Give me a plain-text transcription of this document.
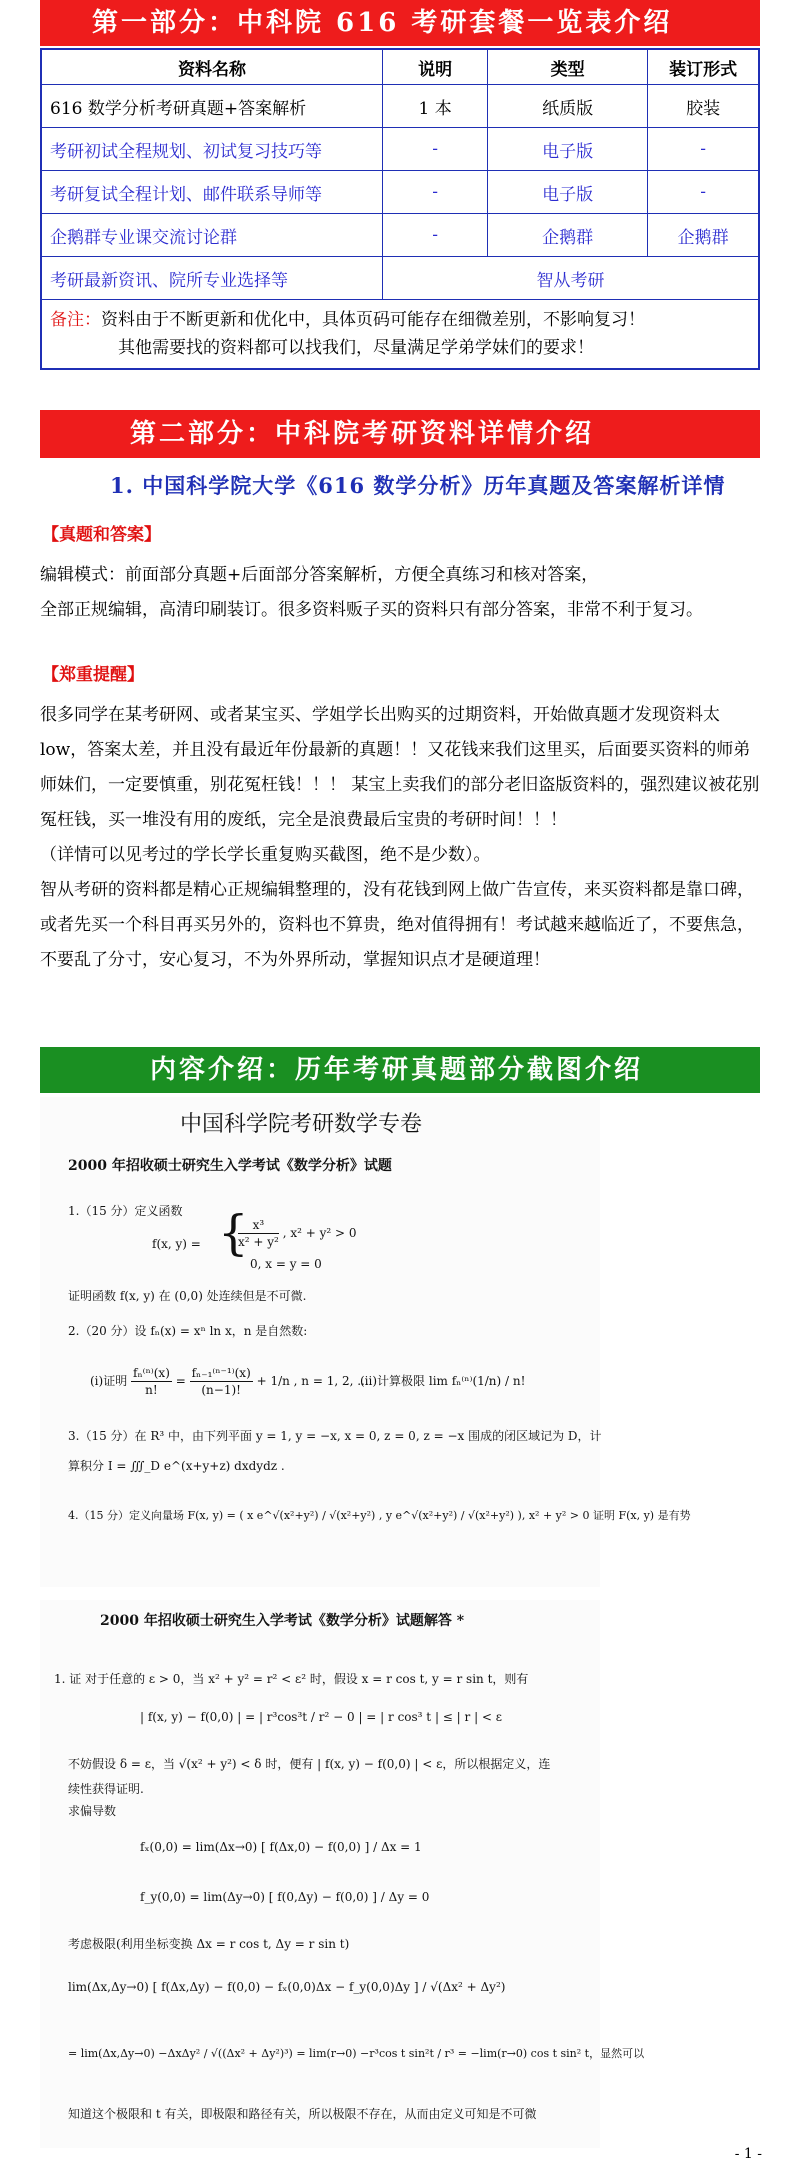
第一部分：中科院 616 考研套餐一览表介绍
资料名称	说明	类型	装订形式
616 数学分析考研真题+答案解析	1 本	纸质版	胶装
考研初试全程规划、初试复习技巧等	-	电子版	-
考研复试全程计划、邮件联系导师等	-	电子版	-
企鹅群专业课交流讨论群	-	企鹅群	企鹅群
考研最新资讯、院所专业选择等	智从考研		
备注：资料由于不断更新和优化中，具体页码可能存在细微差别，不影响复习！
其他需要找的资料都可以找我们，尽量满足学弟学妹们的要求！			
第二部分：中科院考研资料详情介绍
1. 中国科学院大学《616 数学分析》历年真题及答案解析详情
【真题和答案】

编辑模式：前面部分真题+后面部分答案解析，方便全真练习和核对答案，

全部正规编辑，高清印刷装订。很多资料贩子买的资料只有部分答案，非常不利于复习。

【郑重提醒】

很多同学在某考研网、或者某宝买、学姐学长出购买的过期资料，开始做真题才发现资料太 low，答案太差，并且没有最近年份最新的真题！！又花钱来我们这里买，后面要买资料的师弟师妹们，一定要慎重，别花冤枉钱！！！ 某宝上卖我们的部分老旧盗版资料的，强烈建议被花别冤枉钱，买一堆没有用的废纸，完全是浪费最后宝贵的考研时间！！！

（详情可以见考过的学长学长重复购买截图，绝不是少数）。

智从考研的资料都是精心正规编辑整理的，没有花钱到网上做广告宣传，来买资料都是靠口碑，或者先买一个科目再买另外的，资料也不算贵，绝对值得拥有！考试越来越临近了，不要焦急，不要乱了分寸，安心复习，不为外界所动，掌握知识点才是硬道理！

内容介绍：历年考研真题部分截图介绍
中国科学院考研数学专卷
2000 年招收硕士研究生入学考试《数学分析》试题
1.（15 分）定义函数
f(x, y) = {
$\frac{\text{x³}}{\text{x² + y²}}$ , x² + y² > 0
0, x = y = 0
证明函数 f(x, y) 在 (0,0) 处连续但是不可微.
2.（20 分）设 fₙ(x) = xⁿ ln x，n 是自然数:
(i)证明 $\frac{\text{fₙ⁽ⁿ⁾(x)}}{n!} = \frac{\text{fₙ₋₁⁽ⁿ⁻¹⁾(x)}}{(n-1)!} + 1/n$ , n = 1, 2, ...
(ii)计算极限 lim fₙ⁽ⁿ⁾(1/n) / n!
3.（15 分）在 R³ 中，由下列平面 y = 1, y = −x, x = 0, z = 0, z = −x 围成的闭区域记为 D，计
算积分 I = ∭_D e^(x+y+z) dxdydz .
4.（15 分）定义向量场 F(x, y) = ( x e^√(x²+y²) / √(x²+y²) , y e^√(x²+y²) / √(x²+y²) ), x² + y² > 0 证明 F(x, y) 是有势
2000 年招收硕士研究生入学考试《数学分析》试题解答 *
1. 证 对于任意的 ε > 0，当 x² + y² = r² < ε² 时，假设 x = r cos t, y = r sin t，则有
| f(x, y) − f(0,0) | = | r³cos³t / r² − 0 | = | r cos³ t | ≤ | r | < ε
不妨假设 δ = ε，当 √(x² + y²) < δ 时，便有 | f(x, y) − f(0,0) | < ε，所以根据定义，连
续性获得证明.
求偏导数
fₓ(0,0) = lim(Δx→0) [ f(Δx,0) − f(0,0) ] / Δx = 1
f_y(0,0) = lim(Δy→0) [ f(0,Δy) − f(0,0) ] / Δy = 0
考虑极限(利用坐标变换 Δx = r cos t, Δy = r sin t)
lim(Δx,Δy→0) [ f(Δx,Δy) − f(0,0) − fₓ(0,0)Δx − f_y(0,0)Δy ] / √(Δx² + Δy²)
= lim(Δx,Δy→0) −ΔxΔy² / √((Δx² + Δy²)³) = lim(r→0) −r³cos t sin²t / r³ = −lim(r→0) cos t sin² t，显然可以
知道这个极限和 t 有关，即极限和路径有关，所以极限不存在，从而由定义可知是不可微
- 1 -
